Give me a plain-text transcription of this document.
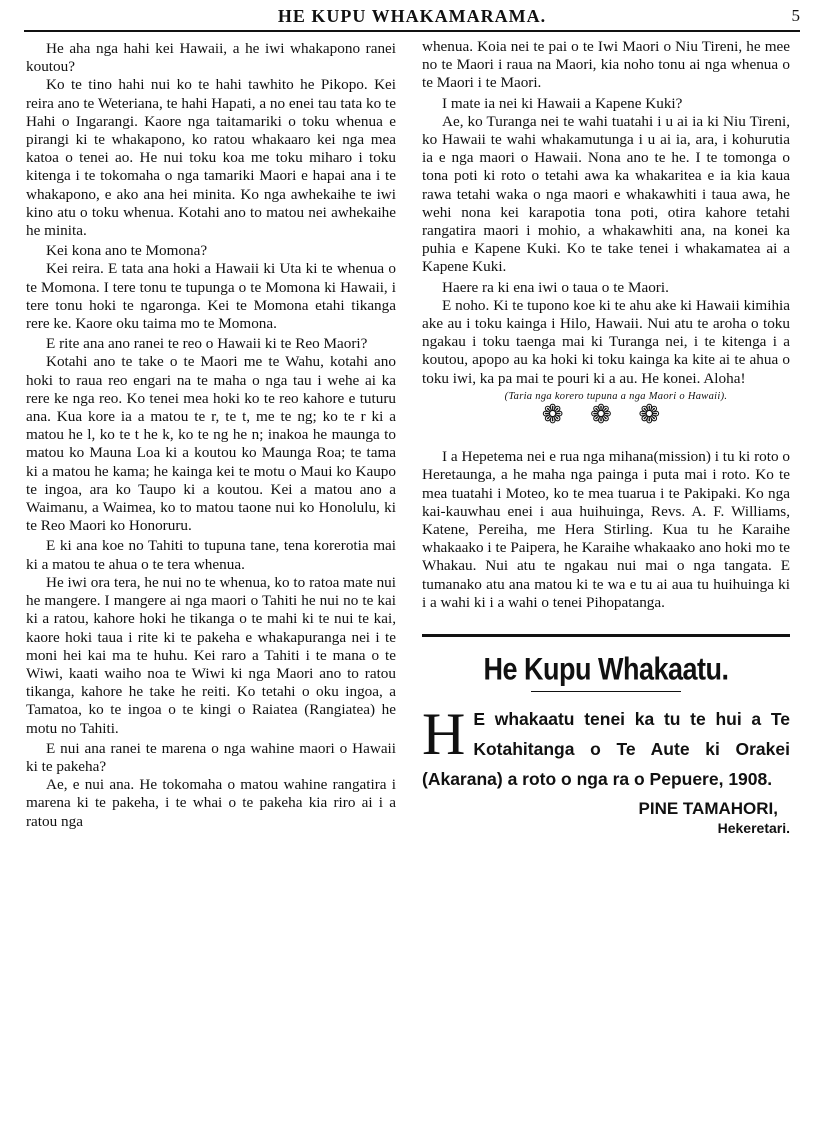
HE KUPU WHAKAMARAMA.	5

He aha nga hahi kei Hawaii, a he iwi whakapono ranei koutou?

Ko te tino hahi nui ko te hahi tawhito he Pikopo. Kei reira ano te Weteriana, te hahi Hapati, a no enei tau tata ko te Hahi o Ingarangi. Kaore nga taitamariki o toku whenua e pirangi ki te whakapono, ko ratou whakaaro kei nga mea katoa o tenei ao. He nui toku koa me toku miharo i toku kitenga i te tokomaha o nga tamariki Maori e hapai ana i te whakapono, e ako ana hei minita. Ko nga awhekaihe te iwi kino atu o toku whenua. Kotahi ano to matou nei awhekaihe he minita.

Kei kona ano te Momona?

Kei reira. E tata ana hoki a Hawaii ki Uta ki te whenua o te Momona. I tere tonu te tupunga o te Momona ki Hawaii, i tere tonu hoki te ngaronga. Kei te Momona etahi tikanga rere ke. Kaore oku taima mo te Momona.

E rite ana ano ranei te reo o Hawaii ki te Reo Maori?

Kotahi ano te take o te Maori me te Wahu, kotahi ano hoki to raua reo engari na te maha o nga tau i wehe ai ka rere ke nga reo. Ko tenei mea hoki ko te reo kahore e tuturu ana. Kua kore ia a matou te r, te t, me te ng; ko te r ki a matou he l, ko te t he k, ko te ng he n; inakoa he maunga to matou ko Mauna Loa ki a koutou ko Maunga Roa; te tama ki a matou he kama; he kainga kei te motu o Maui ko Kaupo te ingoa, ara ko Taupo ki a koutou. Kei a matou ano a Waimanu, a Waimea, ko to matou taone nui ko Honolulu, ki te Reo Maori ko Honoruru.

E ki ana koe no Tahiti to tupuna tane, tena korerotia mai ki a matou te ahua o te tera whenua.

He iwi ora tera, he nui no te whenua, ko to ratoa mate nui he mangere. I mangere ai nga maori o Tahiti he nui no te kai ki a ratou, kahore hoki he tikanga o te mahi ki te nui te kai, kaore hoki taua i rite ki te pakeha e whakapuranga nei i te moni hei kai ma te huhu. Kei raro a Tahiti i te mana o te Wiwi, kaati waiho noa te Wiwi ki nga Maori ano to ratou tikanga, kahore he take he reiti. Ko tetahi o oku ingoa, a Tamatoa, ko te ingoa o te kingi o Raiatea (Rangiatea) he motu no Tahiti.

E nui ana ranei te marena o nga wahine maori o Hawaii ki te pakeha?

Ae, e nui ana. He tokomaha o matou wahine rangatira i marena ki te pakeha, i te whai o te pakeha kia riro ai i a ratou nga

whenua. Koia nei te pai o te Iwi Maori o Niu Tireni, he mee no te Maori i raua na Maori, kia noho tonu ai nga whenua o te Maori i te Maori.

I mate ia nei ki Hawaii a Kapene Kuki?

Ae, ko Turanga nei te wahi tuatahi i u ai ia ki Niu Tireni, ko Hawaii te wahi whakamutunga i u ai ia, ara, i kohurutia ia e nga maori o Hawaii. Nona ano te he. I te tomonga o tona poti ki roto o tetahi awa ka whakaritea e ia kia kaua rawa tetahi waka o nga maori e whakawhiti i taua awa, he wehi nona kei karapotia tona poti, otira kahore tetahi rangatira maori i mohio, a whakawhiti ana, na konei ka puhia e Kapene Kuki. Ko te take tenei i whakamatea ai a Kapene Kuki.

Haere ra ki ena iwi o taua o te Maori.

E noho. Ki te tupono koe ki te ahu ake ki Hawaii kimihia ake au i toku kainga i Hilo, Hawaii. Nui atu te aroha o toku ngakau i toku taenga mai ki Turanga nei, i te kitenga i a koutou, apopo au ka hoki ki toku kainga ka kite ai te ahua o toku iwi, ka pa mai te pouri ki a au. He konei. Aloha!

(Taria nga korero tupuna a nga Maori o Hawaii).

❁ ❁ ❁

I a Hepetema nei e rua nga mihana(mission) i tu ki roto o Heretaunga, a he maha nga painga i puta mai i roto. Ko te mea tuatahi i Moteo, ko te mea tuarua i te Pakipaki. Ko nga kai-kauwhau enei i aua huihuinga, Revs. A. F. Williams, Katene, Pereiha, me Hera Stirling. Kua tu he Karaihe whakaako i te Paipera, he Karaihe whakaako ano hoki mo te Whakau. Nui atu te ngakau nui mai o nga tangata. E tumanako atu ana matou ki te wa e tu ai aua tu huihuinga ki i a wahi ki i a wahi o tenei Pihopatanga.

He Kupu Whakaatu.
H E whakaatu tenei ka tu te hui a Te Kotahitanga o Te Aute ki Orakei (Akarana) a roto o nga ra o Pepuere, 1908.
PINE TAMAHORI,
Hekeretari.
